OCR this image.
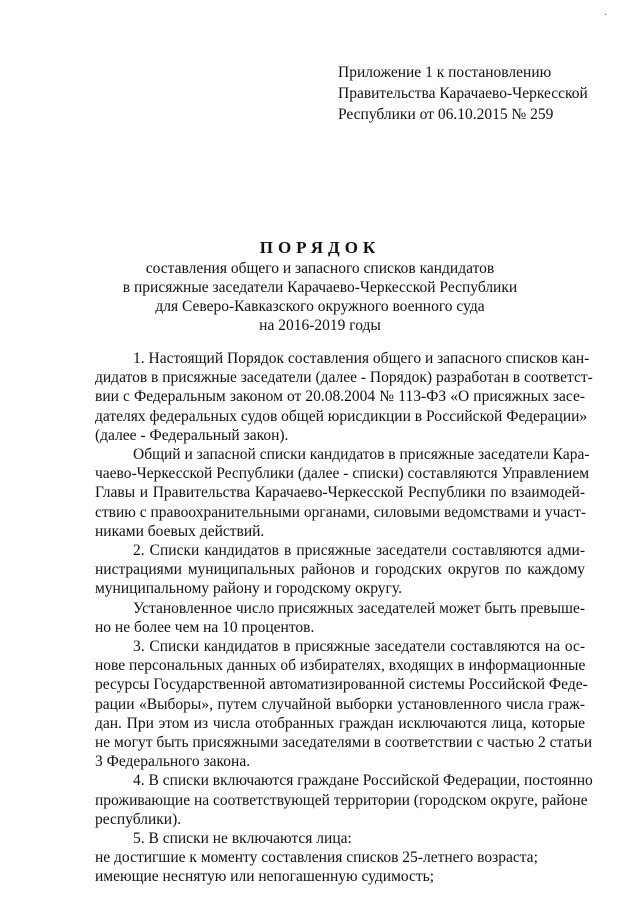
·
Приложение 1 к постановлению
Правительства Карачаево-Черкесской
Республики от 06.10.2015 № 259
ПОРЯДОК
составления общего и запасного списков кандидатов
в присяжные заседатели Карачаево-Черкесской Республики
для Северо-Кавказского окружного военного суда
на 2016-2019 годы
1. Настоящий Порядок составления общего и запасного списков кан-
дидатов в присяжные заседатели (далее - Порядок) разработан в соответст-
вии с Федеральным законом от 20.08.2004 № 113-ФЗ «О присяжных засе-
дателях федеральных судов общей юрисдикции в Российской Федерации»
(далее - Федеральный закон).
Общий и запасной списки кандидатов в присяжные заседатели Кара-
чаево-Черкесской Республики (далее - списки) составляются Управлением
Главы и Правительства Карачаево-Черкесской Республики по взаимодей-
ствию с правоохранительными органами, силовыми ведомствами и участ-
никами боевых действий.
2. Списки кандидатов в присяжные заседатели составляются адми-
нистрациями муниципальных районов и городских округов по каждому
муниципальному району и городскому округу.
Установленное число присяжных заседателей может быть превыше-
но не более чем на 10 процентов.
3. Списки кандидатов в присяжные заседатели составляются на ос-
нове персональных данных об избирателях, входящих в информационные
ресурсы Государственной автоматизированной системы Российской Феде-
рации «Выборы», путем случайной выборки установленного числа граж-
дан. При этом из числа отобранных граждан исключаются лица, которые
не могут быть присяжными заседателями в соответствии с частью 2 статьи
3 Федерального закона.
4. В списки включаются граждане Российской Федерации, постоянно
проживающие на соответствующей территории (городском округе, районе
республики).
5. В списки не включаются лица:
не достигшие к моменту составления списков 25-летнего возраста;
имеющие неснятую или непогашенную судимость;
